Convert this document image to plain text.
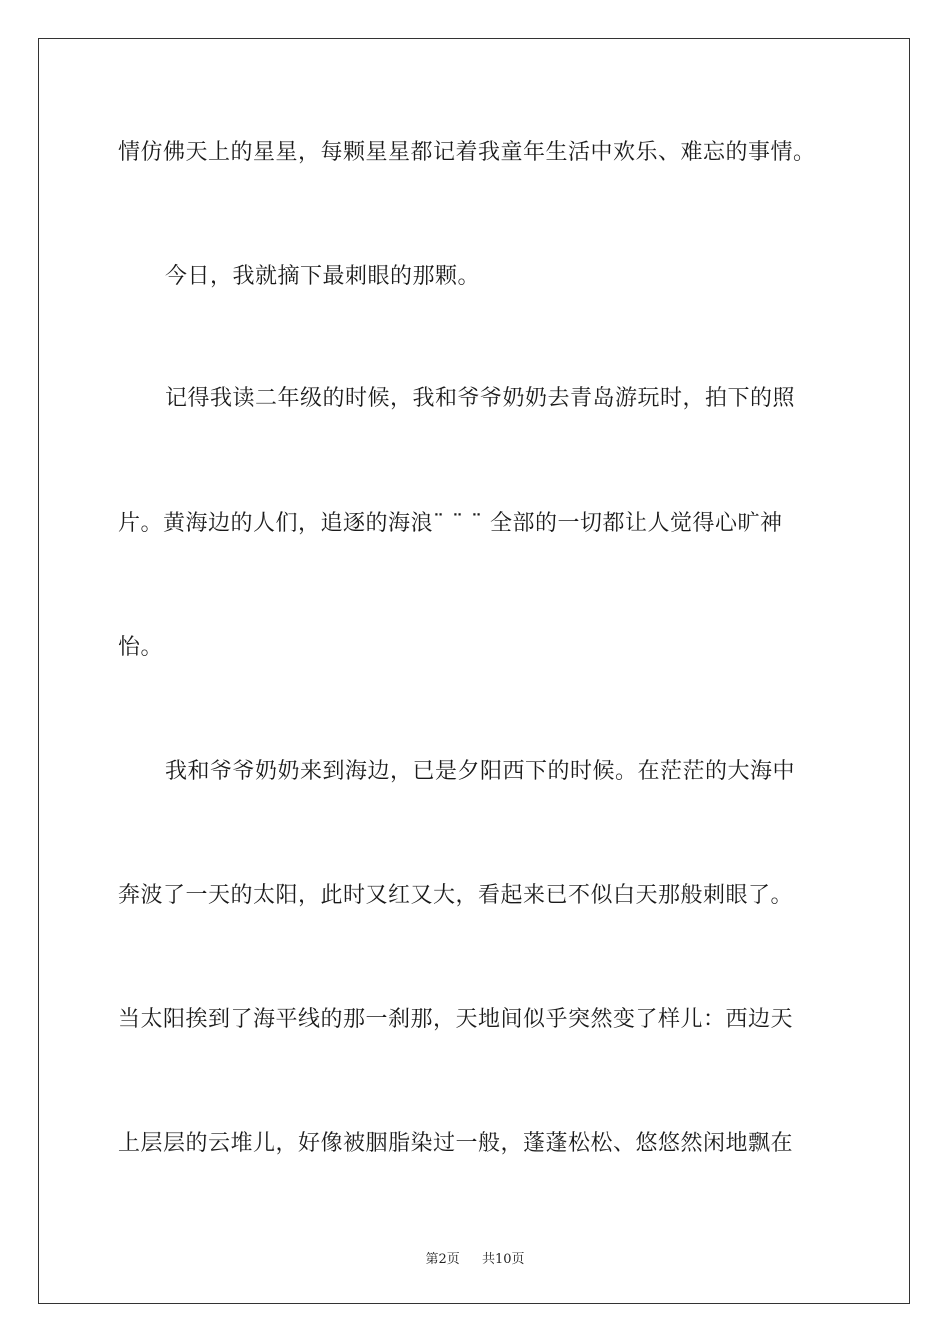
情仿佛天上的星星，每颗星星都记着我童年生活中欢乐、难忘的事情。

今日，我就摘下最刺眼的那颗。

记得我读二年级的时候，我和爷爷奶奶去青岛游玩时，拍下的照

片。黄海边的人们，追逐的海浪¨ ¨ ¨ 全部的一切都让人觉得心旷神

怡。

我和爷爷奶奶来到海边，已是夕阳西下的时候。在茫茫的大海中

奔波了一天的太阳，此时又红又大，看起来已不似白天那般刺眼了。

当太阳挨到了海平线的那一刹那，天地间似乎突然变了样儿：西边天

上层层的云堆儿，好像被胭脂染过一般，蓬蓬松松、悠悠然闲地飘在

第2页 共10页
